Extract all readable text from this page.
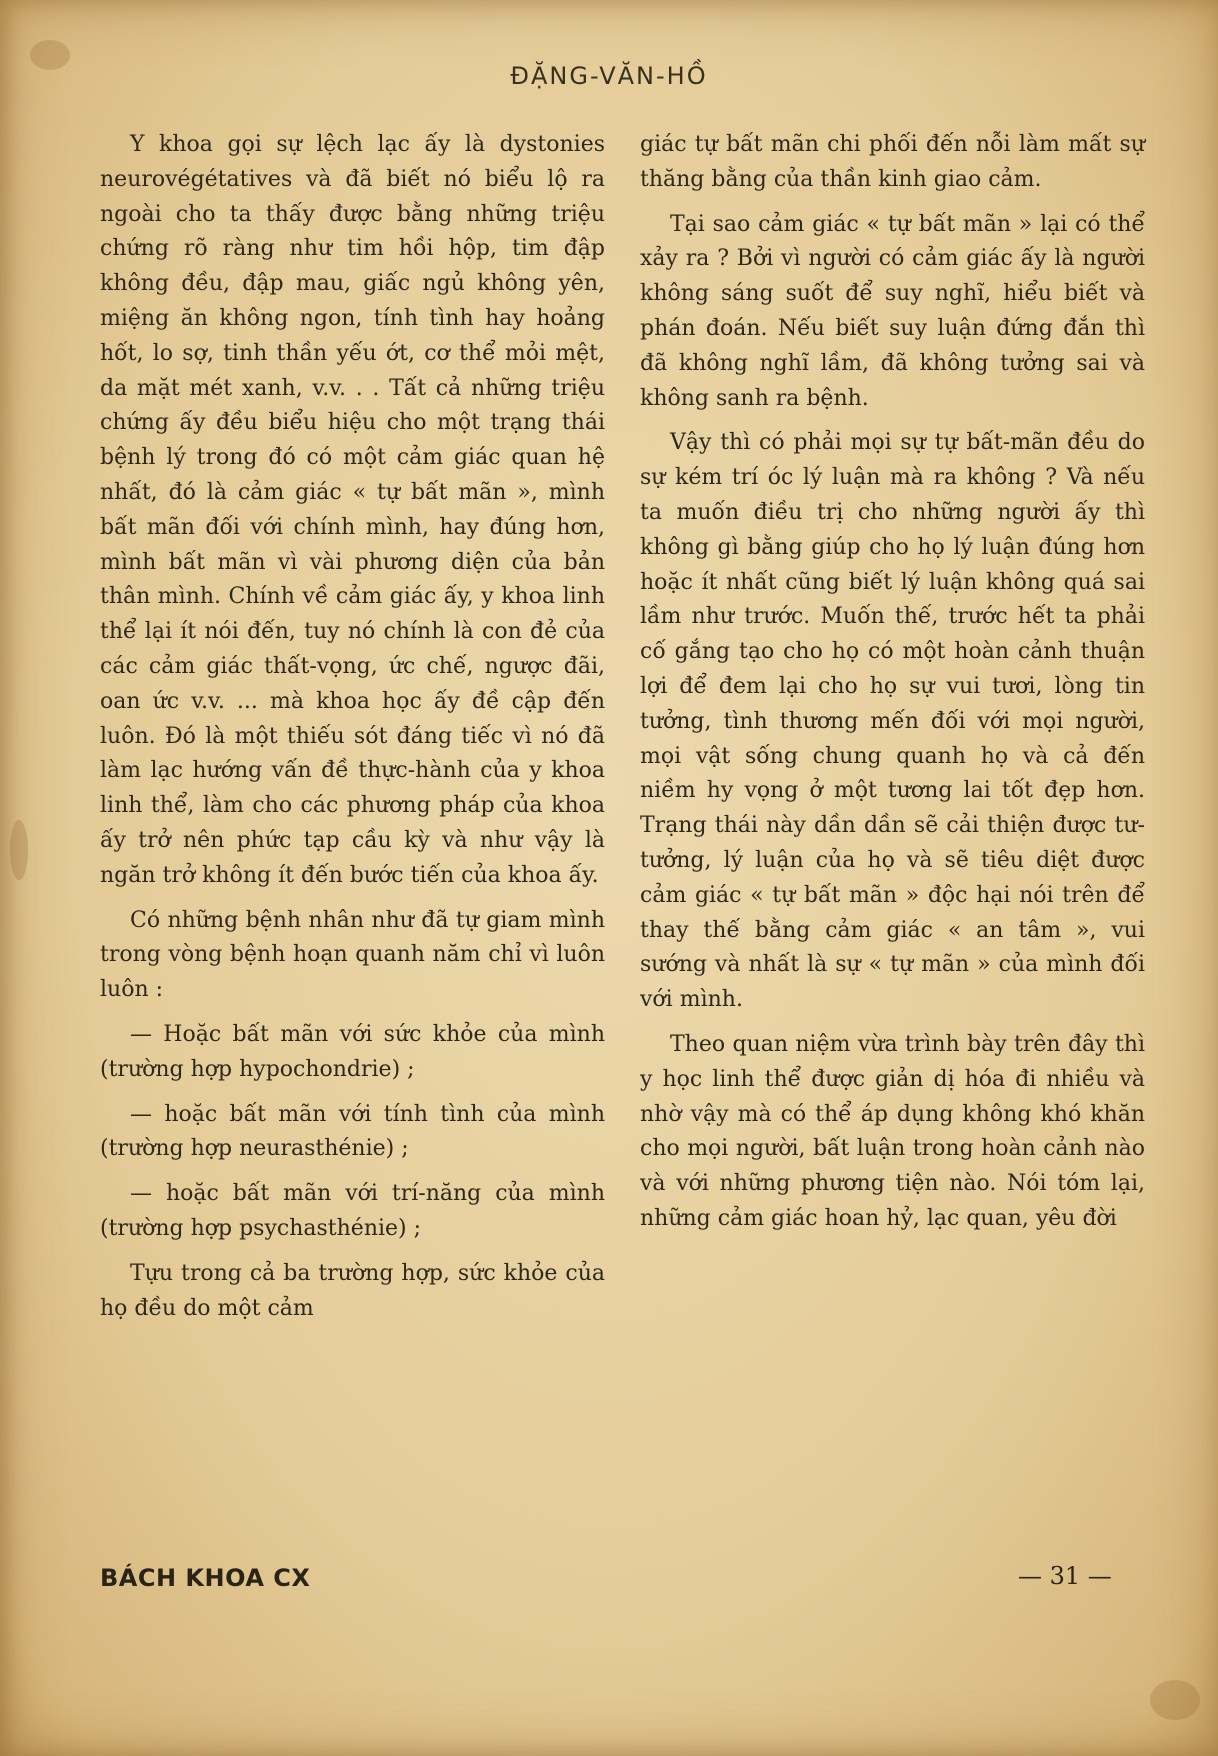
ĐẶNG-VĂN-HỒ

Y khoa gọi sự lệch lạc ấy là dystonies neurovégétatives và đã biết nó biểu lộ ra ngoài cho ta thấy được bằng những triệu chứng rõ ràng như tim hồi hộp, tim đập không đều, đập mau, giấc ngủ không yên, miệng ăn không ngon, tính tình hay hoảng hốt, lo sợ, tinh thần yếu ớt, cơ thể mỏi mệt, da mặt mét xanh, v.v. . . Tất cả những triệu chứng ấy đều biểu hiệu cho một trạng thái bệnh lý trong đó có một cảm giác quan hệ nhất, đó là cảm giác « tự bất mãn », mình bất mãn đối với chính mình, hay đúng hơn, mình bất mãn vì vài phương diện của bản thân mình. Chính về cảm giác ấy, y khoa linh thể lại ít nói đến, tuy nó chính là con đẻ của các cảm giác thất-vọng, ức chế, ngược đãi, oan ức v.v. ... mà khoa học ấy đề cập đến luôn. Đó là một thiếu sót đáng tiếc vì nó đã làm lạc hướng vấn đề thực-hành của y khoa linh thể, làm cho các phương pháp của khoa ấy trở nên phức tạp cầu kỳ và như vậy là ngăn trở không ít đến bước tiến của khoa ấy.

Có những bệnh nhân như đã tự giam mình trong vòng bệnh hoạn quanh năm chỉ vì luôn luôn :

— Hoặc bất mãn với sức khỏe của mình (trường hợp hypochondrie) ;

— hoặc bất mãn với tính tình của mình (trường hợp neurasthénie) ;

— hoặc bất mãn với trí-năng của mình (trường hợp psychasthénie) ;

Tựu trong cả ba trường hợp, sức khỏe của họ đều do một cảm

giác tự bất mãn chi phối đến nỗi làm mất sự thăng bằng của thần kinh giao cảm.

Tại sao cảm giác « tự bất mãn » lại có thể xảy ra ? Bởi vì người có cảm giác ấy là người không sáng suốt để suy nghĩ, hiểu biết và phán đoán. Nếu biết suy luận đứng đắn thì đã không nghĩ lầm, đã không tưởng sai và không sanh ra bệnh.

Vậy thì có phải mọi sự tự bất-mãn đều do sự kém trí óc lý luận mà ra không ? Và nếu ta muốn điều trị cho những người ấy thì không gì bằng giúp cho họ lý luận đúng hơn hoặc ít nhất cũng biết lý luận không quá sai lầm như trước. Muốn thế, trước hết ta phải cố gắng tạo cho họ có một hoàn cảnh thuận lợi để đem lại cho họ sự vui tươi, lòng tin tưởng, tình thương mến đối với mọi người, mọi vật sống chung quanh họ và cả đến niềm hy vọng ở một tương lai tốt đẹp hơn. Trạng thái này dần dần sẽ cải thiện được tư-tưởng, lý luận của họ và sẽ tiêu diệt được cảm giác « tự bất mãn » độc hại nói trên để thay thế bằng cảm giác « an tâm », vui sướng và nhất là sự « tự mãn » của mình đối với mình.

Theo quan niệm vừa trình bày trên đây thì y học linh thể được giản dị hóa đi nhiều và nhờ vậy mà có thể áp dụng không khó khăn cho mọi người, bất luận trong hoàn cảnh nào và với những phương tiện nào. Nói tóm lại, những cảm giác hoan hỷ, lạc quan, yêu đời

BÁCH KHOA CX	— 31 —
